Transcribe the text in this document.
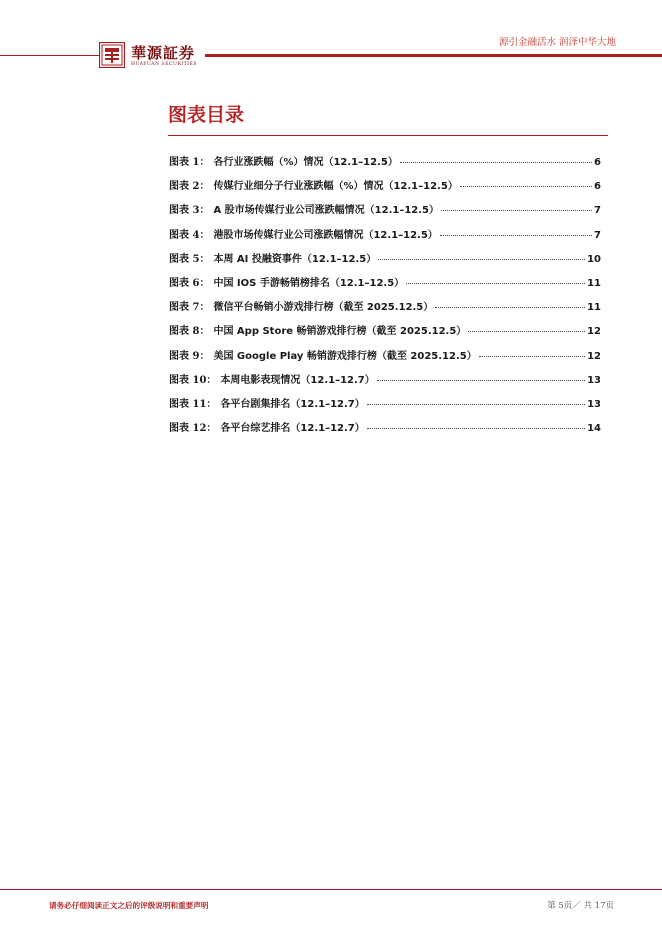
華源証券
HUAYUAN SECURITIES
源引金融活水 润泽中华大地
图表目录
图表 1： 各行业涨跌幅（%）情况（12.1–12.5）	6
图表 2： 传媒行业细分子行业涨跌幅（%）情况（12.1–12.5）	6
图表 3： A 股市场传媒行业公司涨跌幅情况（12.1–12.5）	7
图表 4： 港股市场传媒行业公司涨跌幅情况（12.1–12.5）	7
图表 5： 本周 AI 投融资事件（12.1–12.5）	10
图表 6： 中国 IOS 手游畅销榜排名（12.1–12.5）	11
图表 7： 微信平台畅销小游戏排行榜（截至 2025.12.5）	11
图表 8： 中国 App Store 畅销游戏排行榜（截至 2025.12.5）	12
图表 9： 美国 Google Play 畅销游戏排行榜（截至 2025.12.5）	12
图表 10： 本周电影表现情况（12.1–12.7）	13
图表 11： 各平台剧集排名（12.1–12.7）	13
图表 12： 各平台综艺排名（12.1–12.7）	14
请务必仔细阅读正文之后的评级说明和重要声明	第 5页／ 共 17页
